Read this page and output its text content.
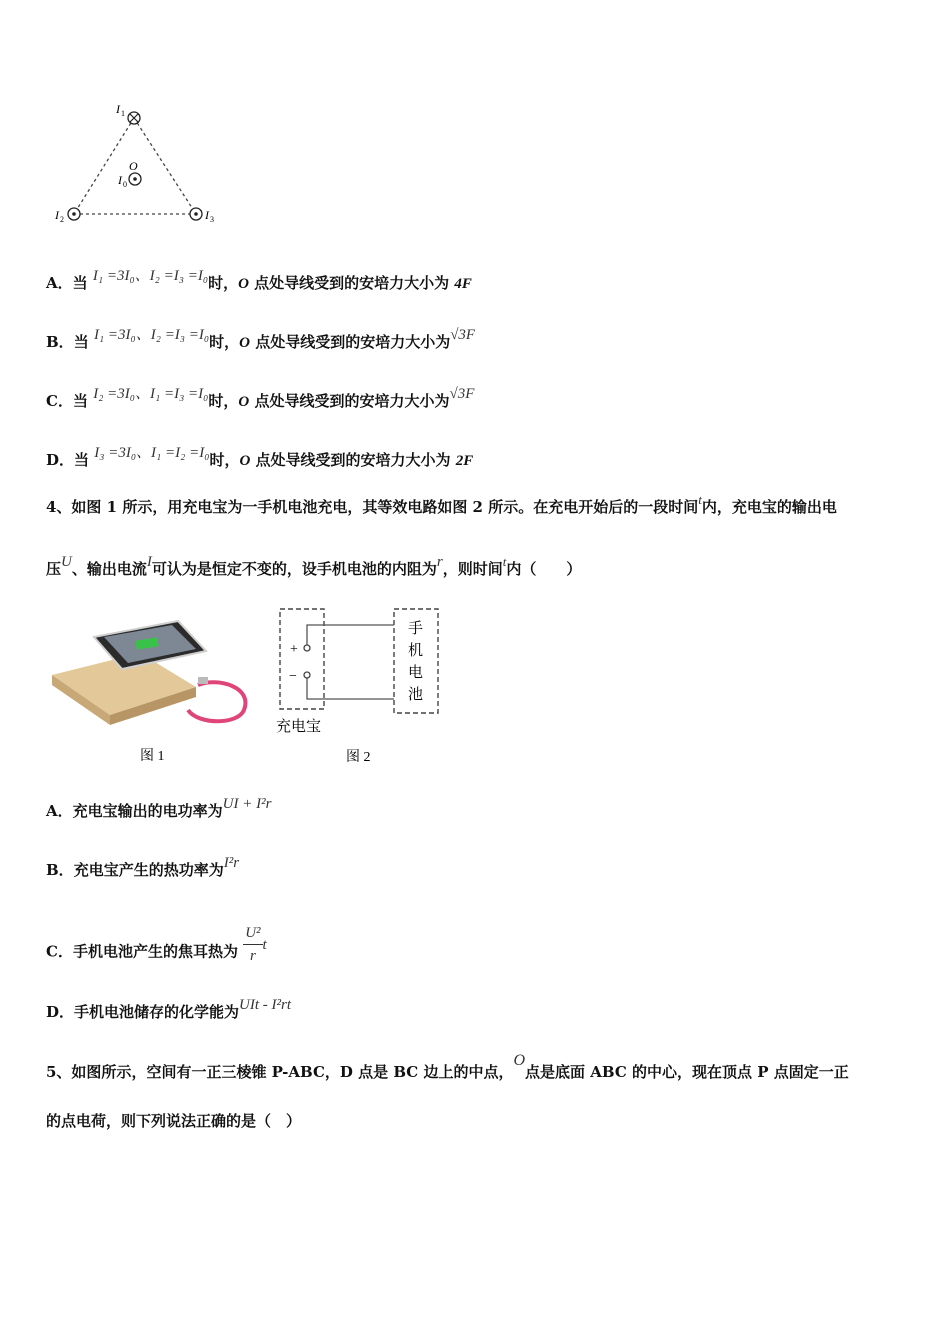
I 1
O
I 0
I 2	I 3
A．当 I₁ =3I₀、I₂ =I₃ =I₀时，O 点处导线受到的安培力大小为 4F
B．当 I₁ =3I₀、I₂ =I₃ =I₀时，O 点处导线受到的安培力大小为√3F
C．当 I₂ =3I₀、I₁ =I₃ =I₀时，O 点处导线受到的安培力大小为√3F
D．当 I₃ =3I₀、I₁ =I₂ =I₀时，O 点处导线受到的安培力大小为 2F
4、如图 1 所示，用充电宝为一手机电池充电，其等效电路如图 2 所示。在充电开始后的一段时间t内，充电宝的输出电
压U、输出电流I可认为是恒定不变的，设手机电池的内阻为r，则时间t内（　　）
图 1
+
−
手
机
电
池
充电宝
图 2
A．充电宝输出的电功率为UI + I²r
B．充电宝产生的热功率为I²r
C．手机电池产生的焦耳热为 $\frac{\text{U²}}{r}$ t
D．手机电池储存的化学能为UIt - I²rt
5、如图所示，空间有一正三棱锥 P-ABC，D 点是 BC 边上的中点，O点是底面 ABC 的中心，现在顶点 P 点固定一正
的点电荷，则下列说法正确的是（　）
